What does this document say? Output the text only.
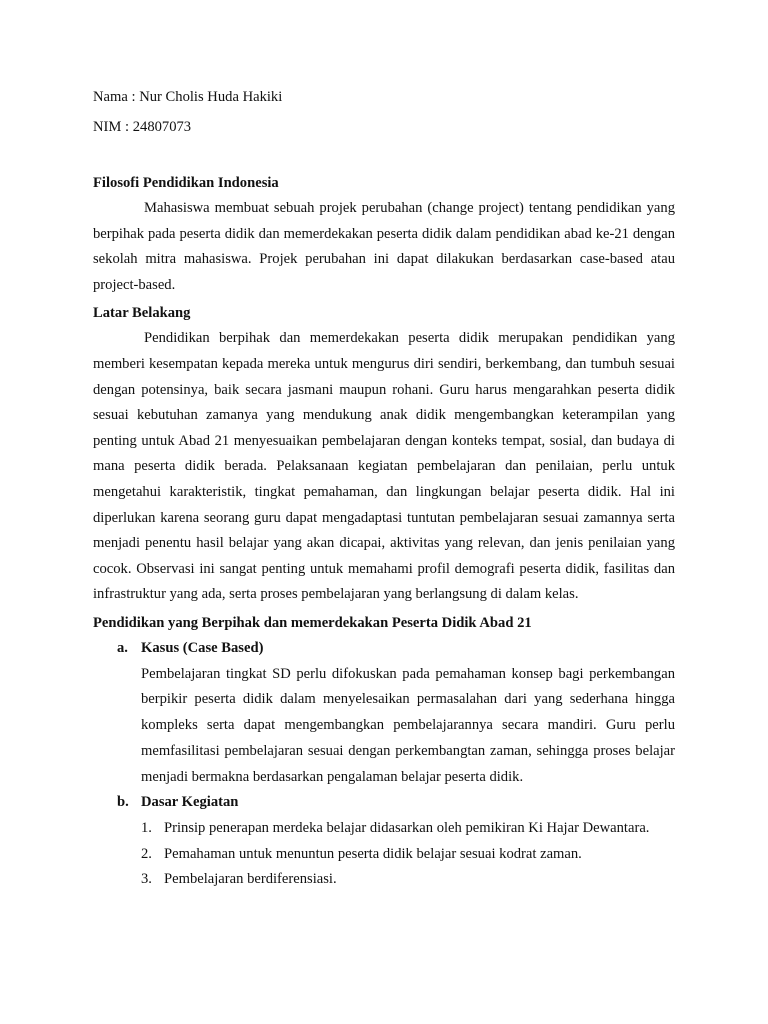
Nama : Nur Cholis Huda Hakiki

NIM : 24807073

Filosofi Pendidikan Indonesia

Mahasiswa membuat sebuah projek perubahan (change project) tentang pendidikan yang berpihak pada peserta didik dan memerdekakan peserta didik dalam pendidikan abad ke-21 dengan sekolah mitra mahasiswa. Projek perubahan ini dapat dilakukan berdasarkan case-based atau project-based.

Latar Belakang

Pendidikan berpihak dan memerdekakan peserta didik merupakan pendidikan yang memberi kesempatan kepada mereka untuk mengurus diri sendiri, berkembang, dan tumbuh sesuai dengan potensinya, baik secara jasmani maupun rohani. Guru harus mengarahkan peserta didik sesuai kebutuhan zamanya yang mendukung anak didik mengembangkan keterampilan yang penting untuk Abad 21 menyesuaikan pembelajaran dengan konteks tempat, sosial, dan budaya di mana peserta didik berada. Pelaksanaan kegiatan pembelajaran dan penilaian, perlu untuk mengetahui karakteristik, tingkat pemahaman, dan lingkungan belajar peserta didik. Hal ini diperlukan karena seorang guru dapat mengadaptasi tuntutan pembelajaran sesuai zamannya serta menjadi penentu hasil belajar yang akan dicapai, aktivitas yang relevan, dan jenis penilaian yang cocok. Observasi ini sangat penting untuk memahami profil demografi peserta didik, fasilitas dan infrastruktur yang ada, serta proses pembelajaran yang berlangsung di dalam kelas.

Pendidikan yang Berpihak dan memerdekakan Peserta Didik Abad 21

a. Kasus (Case Based)

Pembelajaran tingkat SD perlu difokuskan pada pemahaman konsep bagi perkembangan berpikir peserta didik dalam menyelesaikan permasalahan dari yang sederhana hingga kompleks serta dapat mengembangkan pembelajarannya secara mandiri. Guru perlu memfasilitasi pembelajaran sesuai dengan perkembangtan zaman, sehingga proses belajar menjadi bermakna berdasarkan pengalaman belajar peserta didik.

b. Dasar Kegiatan
1. Prinsip penerapan merdeka belajar didasarkan oleh pemikiran Ki Hajar Dewantara.
2. Pemahaman untuk menuntun peserta didik belajar sesuai kodrat zaman.
3. Pembelajaran berdiferensiasi.
